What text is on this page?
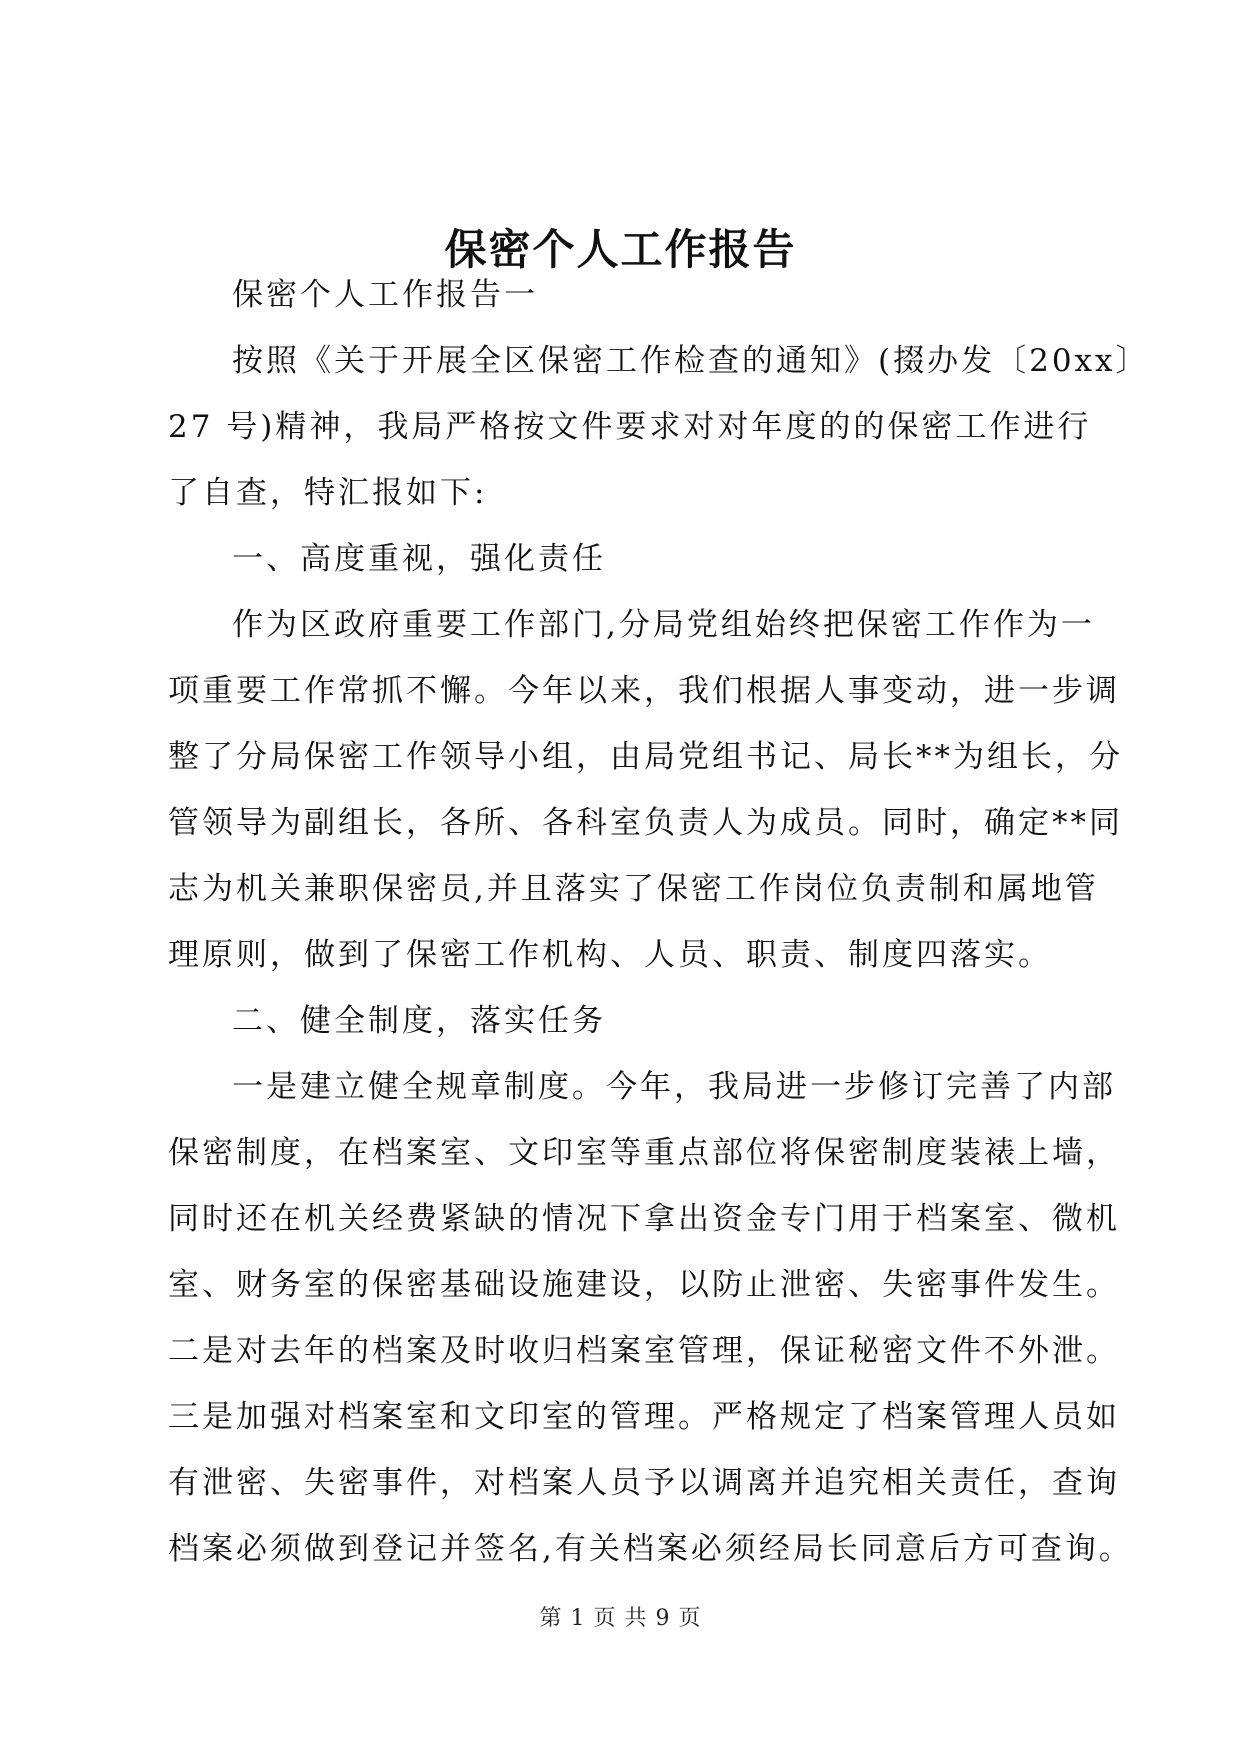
保密个人工作报告
保密个人工作报告一
按照《关于开展全区保密工作检查的通知》(掇办发〔20xx〕
27 号)精神，我局严格按文件要求对对年度的的保密工作进行
了自查，特汇报如下:
一、高度重视，强化责任
作为区政府重要工作部门,分局党组始终把保密工作作为一
项重要工作常抓不懈。今年以来，我们根据人事变动，进一步调
整了分局保密工作领导小组，由局党组书记、局长**为组长，分
管领导为副组长，各所、各科室负责人为成员。同时，确定**同
志为机关兼职保密员,并且落实了保密工作岗位负责制和属地管
理原则，做到了保密工作机构、人员、职责、制度四落实。
二、健全制度，落实任务
一是建立健全规章制度。今年，我局进一步修订完善了内部
保密制度，在档案室、文印室等重点部位将保密制度装裱上墙，
同时还在机关经费紧缺的情况下拿出资金专门用于档案室、微机
室、财务室的保密基础设施建设，以防止泄密、失密事件发生。
二是对去年的档案及时收归档案室管理，保证秘密文件不外泄。
三是加强对档案室和文印室的管理。严格规定了档案管理人员如
有泄密、失密事件，对档案人员予以调离并追究相关责任，查询
档案必须做到登记并签名,有关档案必须经局长同意后方可查询。
第 1 页 共 9 页
